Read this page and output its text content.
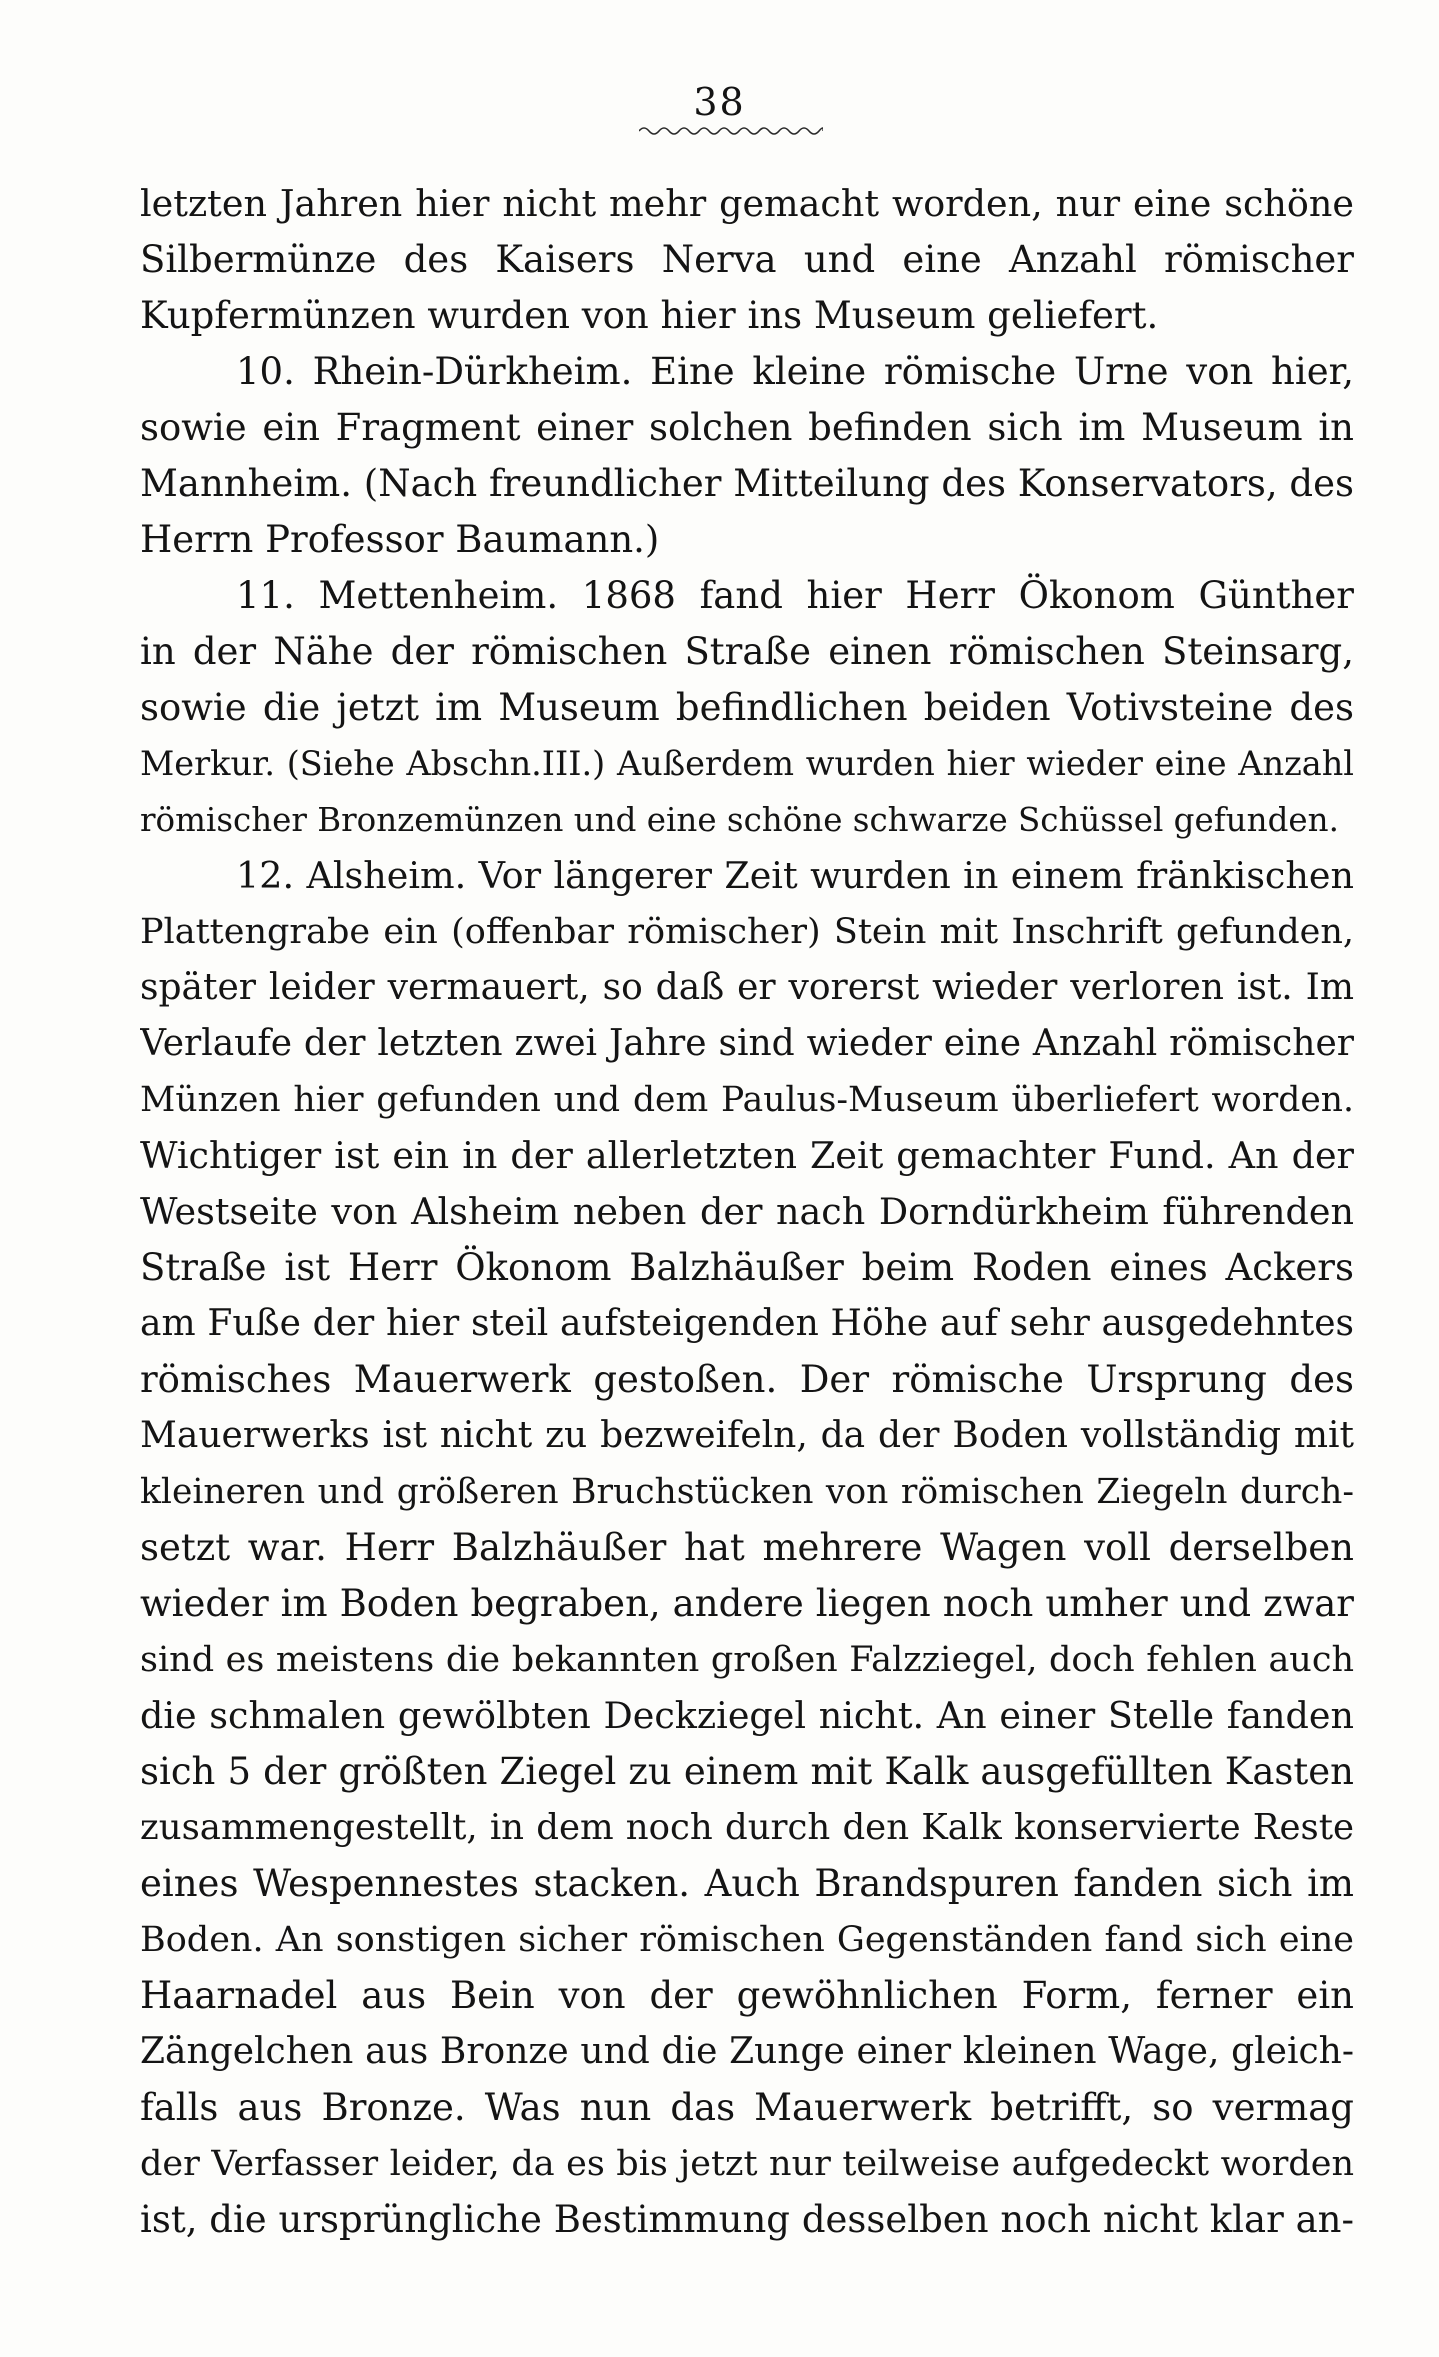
38
letzten Jahren hier nicht mehr gemacht worden, nur eine schöne
Silbermünze des Kaisers Nerva und eine Anzahl römischer
Kupfermünzen wurden von hier ins Museum geliefert.
10. Rhein-Dürkheim. Eine kleine römische Urne von hier,
sowie ein Fragment einer solchen befinden sich im Museum in
Mannheim. (Nach freundlicher Mitteilung des Konservators, des
Herrn Professor Baumann.)
11. Mettenheim. 1868 fand hier Herr Ökonom Günther
in der Nähe der römischen Straße einen römischen Steinsarg,
sowie die jetzt im Museum befindlichen beiden Votivsteine des
Merkur. (Siehe Abschn.III.) Außerdem wurden hier wieder eine Anzahl
römischer Bronzemünzen und eine schöne schwarze Schüssel gefunden.
12. Alsheim. Vor längerer Zeit wurden in einem fränkischen
Plattengrabe ein (offenbar römischer) Stein mit Inschrift gefunden,
später leider vermauert, so daß er vorerst wieder verloren ist. Im
Verlaufe der letzten zwei Jahre sind wieder eine Anzahl römischer
Münzen hier gefunden und dem Paulus-Museum überliefert worden.
Wichtiger ist ein in der allerletzten Zeit gemachter Fund. An der
Westseite von Alsheim neben der nach Dorndürkheim führenden
Straße ist Herr Ökonom Balzhäußer beim Roden eines Ackers
am Fuße der hier steil aufsteigenden Höhe auf sehr ausgedehntes
römisches Mauerwerk gestoßen. Der römische Ursprung des
Mauerwerks ist nicht zu bezweifeln, da der Boden vollständig mit
kleineren und größeren Bruchstücken von römischen Ziegeln durch-
setzt war. Herr Balzhäußer hat mehrere Wagen voll derselben
wieder im Boden begraben, andere liegen noch umher und zwar
sind es meistens die bekannten großen Falzziegel, doch fehlen auch
die schmalen gewölbten Deckziegel nicht. An einer Stelle fanden
sich 5 der größten Ziegel zu einem mit Kalk ausgefüllten Kasten
zusammengestellt, in dem noch durch den Kalk konservierte Reste
eines Wespennestes stacken. Auch Brandspuren fanden sich im
Boden. An sonstigen sicher römischen Gegenständen fand sich eine
Haarnadel aus Bein von der gewöhnlichen Form, ferner ein
Zängelchen aus Bronze und die Zunge einer kleinen Wage, gleich-
falls aus Bronze. Was nun das Mauerwerk betrifft, so vermag
der Verfasser leider, da es bis jetzt nur teilweise aufgedeckt worden
ist, die ursprüngliche Bestimmung desselben noch nicht klar an-
